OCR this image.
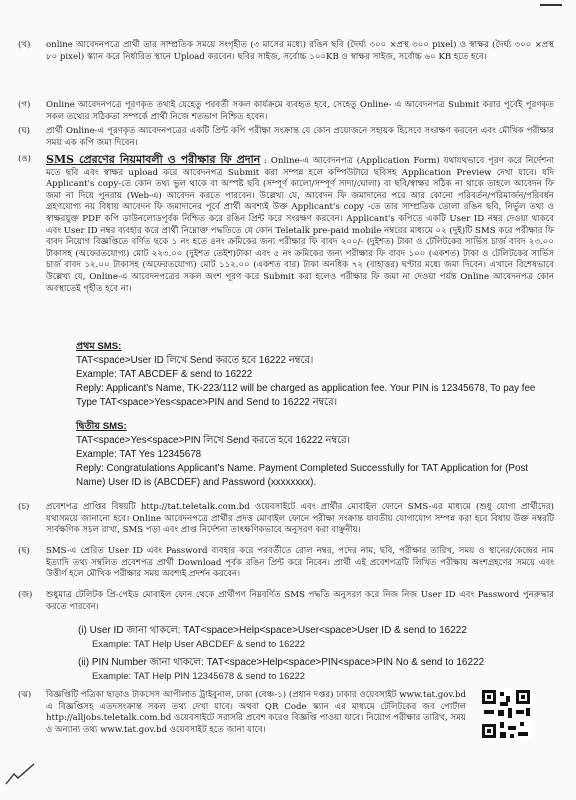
(খ)	online আবেদনপত্রে প্রার্থী তার সাম্প্রতিক সময়ে সংগৃহীত (৩ মাসের মধ্যে) রঙিন ছবি (দৈর্ঘ্য ৩০০ ×প্রস্থ ৩০০ pixel) ও স্বাক্ষর (দৈর্ঘ্য ৩০০ ×প্রস্থ ৮০ pixel) স্ক্যান করে নির্ধারিত স্থানে Upload করবেন। ছবির সাইজ, সর্বোচ্চ ১০০KB ও স্বাক্ষর সাইজ, সর্বোচ্চ ৬০ KB হতে হবে।
(গ)	Online আবেদনপত্রে পূরণকৃত তথ্যই যেহেতু পরবর্তী সকল কার্যক্রমে ব্যবহৃত হবে, সেহেতু Online- এ আবেদনপত্র Submit করার পূর্বেই পূরণকৃত সকল তথ্যের সঠিকতা সম্পর্কে প্রার্থী নিজে শতভাগ নিশ্চিত হবেন।
(ঘ)	প্রার্থী Online-এ পূরণকৃত আবেদনপত্রের একটি প্রিন্ট কপি পরীক্ষা সংক্রান্ত যে কোন প্রয়োজনে সহায়ক হিসেবে সংরক্ষণ করবেন এবং মৌখিক পরীক্ষার সময় এক কপি জমা দিবেন।
(ঙ)	SMS প্রেরণের নিয়মাবলী ও পরীক্ষার ফি প্রদান : Online-এ আবেদনপত্র (Application Form) যথাযথভাবে পূরণ করে নির্দেশনা মতে ছবি এবং স্বাক্ষর upload করে আবেদনপত্র Submit করা সম্পন্ন হলে কম্পিউটারে ছবিসহ Application Preview দেখা যাবে। যদি Applicant's copy-তে কোন তথ্য ভুল থাকে বা অস্পষ্ট ছবি (সম্পূর্ণ কালো/সম্পূর্ণ সাদা/ঘোলা) বা ছবি/স্বাক্ষর সঠিক না থাকে তাহলে আবেদন ফি জমা না দিয়ে পুনরায় (Web-এ) আবেদন করতে পারবেন। উল্লেখ্য যে, আবেদন ফি জমাদানের পরে আর কোনো পরিবর্তন/পরিমার্জন/পরিবর্ধন গ্রহণযোগ্য নয় বিধায় আবেদন ফি জমাদানের পূর্বে প্রার্থী অবশ্যই উক্ত Applicant's copy -তে তার সাম্প্রতিক তোলা রঙিন ছবি, নির্ভুল তথ্য ও স্বাক্ষরযুক্ত PDF কপি ডাউনলোডপূর্বক নিশ্চিত করে রঙিন প্রিন্ট করে সংরক্ষণ করবেন। Applicant's কপিতে একটি User ID নম্বর দেওয়া থাকবে এবং User ID নম্বর ব্যবহার করে প্রার্থী নিম্নোক্ত পদ্ধতিতে যে কোন Teletalk pre-paid mobile নম্বরের মাধ্যমে ০২ (দুই)টি SMS করে পরীক্ষার ফি বাবদ নিয়োগ বিজ্ঞপ্তিতে বর্ণিত ছকে ১ নং হতে ৪নং ক্রমিকের জন্য পরীক্ষার ফি বাবদ ২০০/- (দুইশত) টাকা ও টেলিটকের সার্ভিস চার্জ বাবদ ২৩.০০ টাকাসহ (অফেরতযোগ্য) মোট ২২৩.০০ (দুইশত তেইশ)টাকা এবং ৫ নং ক্রমিকের জন্য পরীক্ষার ফি বাবদ ১০০ (একশত) টাকা ও টেলিটকের সার্ভিস চার্জ বাবদ ১২.০০ টাকাসহ (অফেরতযোগ্য) মোট ১১২.০০ (একশত বার) টাকা অনধিক ৭২ (বাহাত্তর) ঘণ্টার মধ্যে জমা দিবেন। এখানে বিশেষভাবে উল্লেখ্য যে, Online-এ আবেদনপত্রের সকল অংশ পূরণ করে Submit করা হলেও পরীক্ষার ফি জমা না দেওয়া পর্যন্ত Online আবেদনপত্র কোন অবস্থাতেই গৃহীত হবে না।
প্রথম SMS:
TAT<space>User ID লিখে Send করতে হবে 16222 নম্বরে।
Example: TAT ABCDEF & send to 16222
Reply: Applicant's Name, TK-223/112 will be charged as application fee. Your PIN is 12345678, To pay fee Type TAT<space>Yes<space>PIN and Send to 16222 নম্বরে।
দ্বিতীয় SMS:
TAT<space>Yes<space>PIN লিখে Send করতে হবে 16222 নম্বরে।
Example: TAT Yes 12345678
Reply: Congratulations Applicant's Name. Payment Completed Successfully for TAT Application for (Post Name) User ID is (ABCDEF) and Password (xxxxxxxx).
(চ)	প্রবেশপত্র প্রাপ্তির বিষয়টি http://tat.teletalk.com.bd ওয়েবসাইটে এবং প্রার্থীর মোবাইল ফোনে SMS-এর মাধ্যমে (শুধু যোগ্য প্রার্থীদের) যথাসময়ে জানানো হবে। Online আবেদনপত্রে প্রার্থীর প্রদত্ত মোবাইল ফোনে পরীক্ষা সংক্রান্ত যাবতীয় যোগাযোগ সম্পন্ন করা হবে বিধায় উক্ত নম্বরটি সার্বক্ষণিক সচল রাখা, SMS পড়া এবং প্রাপ্ত নির্দেশনা তাৎক্ষণিকভাবে অনুসরণ করা বাঞ্ছনীয়।
(ছ)	SMS-এ প্রেরিত User ID এবং Password ব্যবহার করে পরবর্তীতে রোল নম্বর, পদের নাম, ছবি, পরীক্ষার তারিখ, সময় ও স্থানের/কেন্দ্রের নাম ইত্যাদি তথ্য সম্বলিত প্রবেশপত্র প্রার্থী Download পূর্বক রঙিন প্রিন্ট করে নিবেন। প্রার্থী এই প্রবেশপত্রটি লিখিত পরীক্ষায় অংশগ্রহণের সময়ে এবং উত্তীর্ণ হলে মৌখিক পরীক্ষার সময় অবশ্যই প্রদর্শন করবেন।
(জ)	শুধুমাত্র টেলিটক প্রি-পেইড মোবাইল ফোন থেকে প্রার্থীগণ নিম্নবর্ণিত SMS পদ্ধতি অনুসরণ করে নিজ নিজ User ID এবং Password পুনরুদ্ধার করতে পারবেন।
(i) User ID জানা থাকলে: TAT<space>Help<space>User<space>User ID & send to 16222
Example: TAT Help User ABCDEF & send to 16222
(ii) PIN Number জানা থাকলে: TAT<space>Help<space>PIN<space>PIN No & send to 16222
Example: TAT Help PIN 12345678 & send to 16222
(ঝ)	বিজ্ঞপ্তিটি পত্রিকা ছাড়াও টাকসেস আপীলাত ট্রাইবুনাল, ঢাকা (বেঞ্চ-১) (প্রধান দপ্তর) ঢাকার ওয়েবসাইট www.tat.gov.bd এ বিজ্ঞপ্তিসহ এতদসংক্রান্ত সকল তথ্য দেখা যাবে। অথবা QR Code স্ক্যান এর মাধ্যমে টেলিটকের জব পোর্টাল http://alljobs.teletalk.com.bd ওয়েবসাইটে সরাসরি প্রবেশ করেও বিজ্ঞপ্তি পাওয়া যাবে। নিয়োগ পরীক্ষার তারিখ, সময় ও অন্যান্য তথ্য www.tat.gov.bd ওয়েবসাইট হতে জানা যাবে।
